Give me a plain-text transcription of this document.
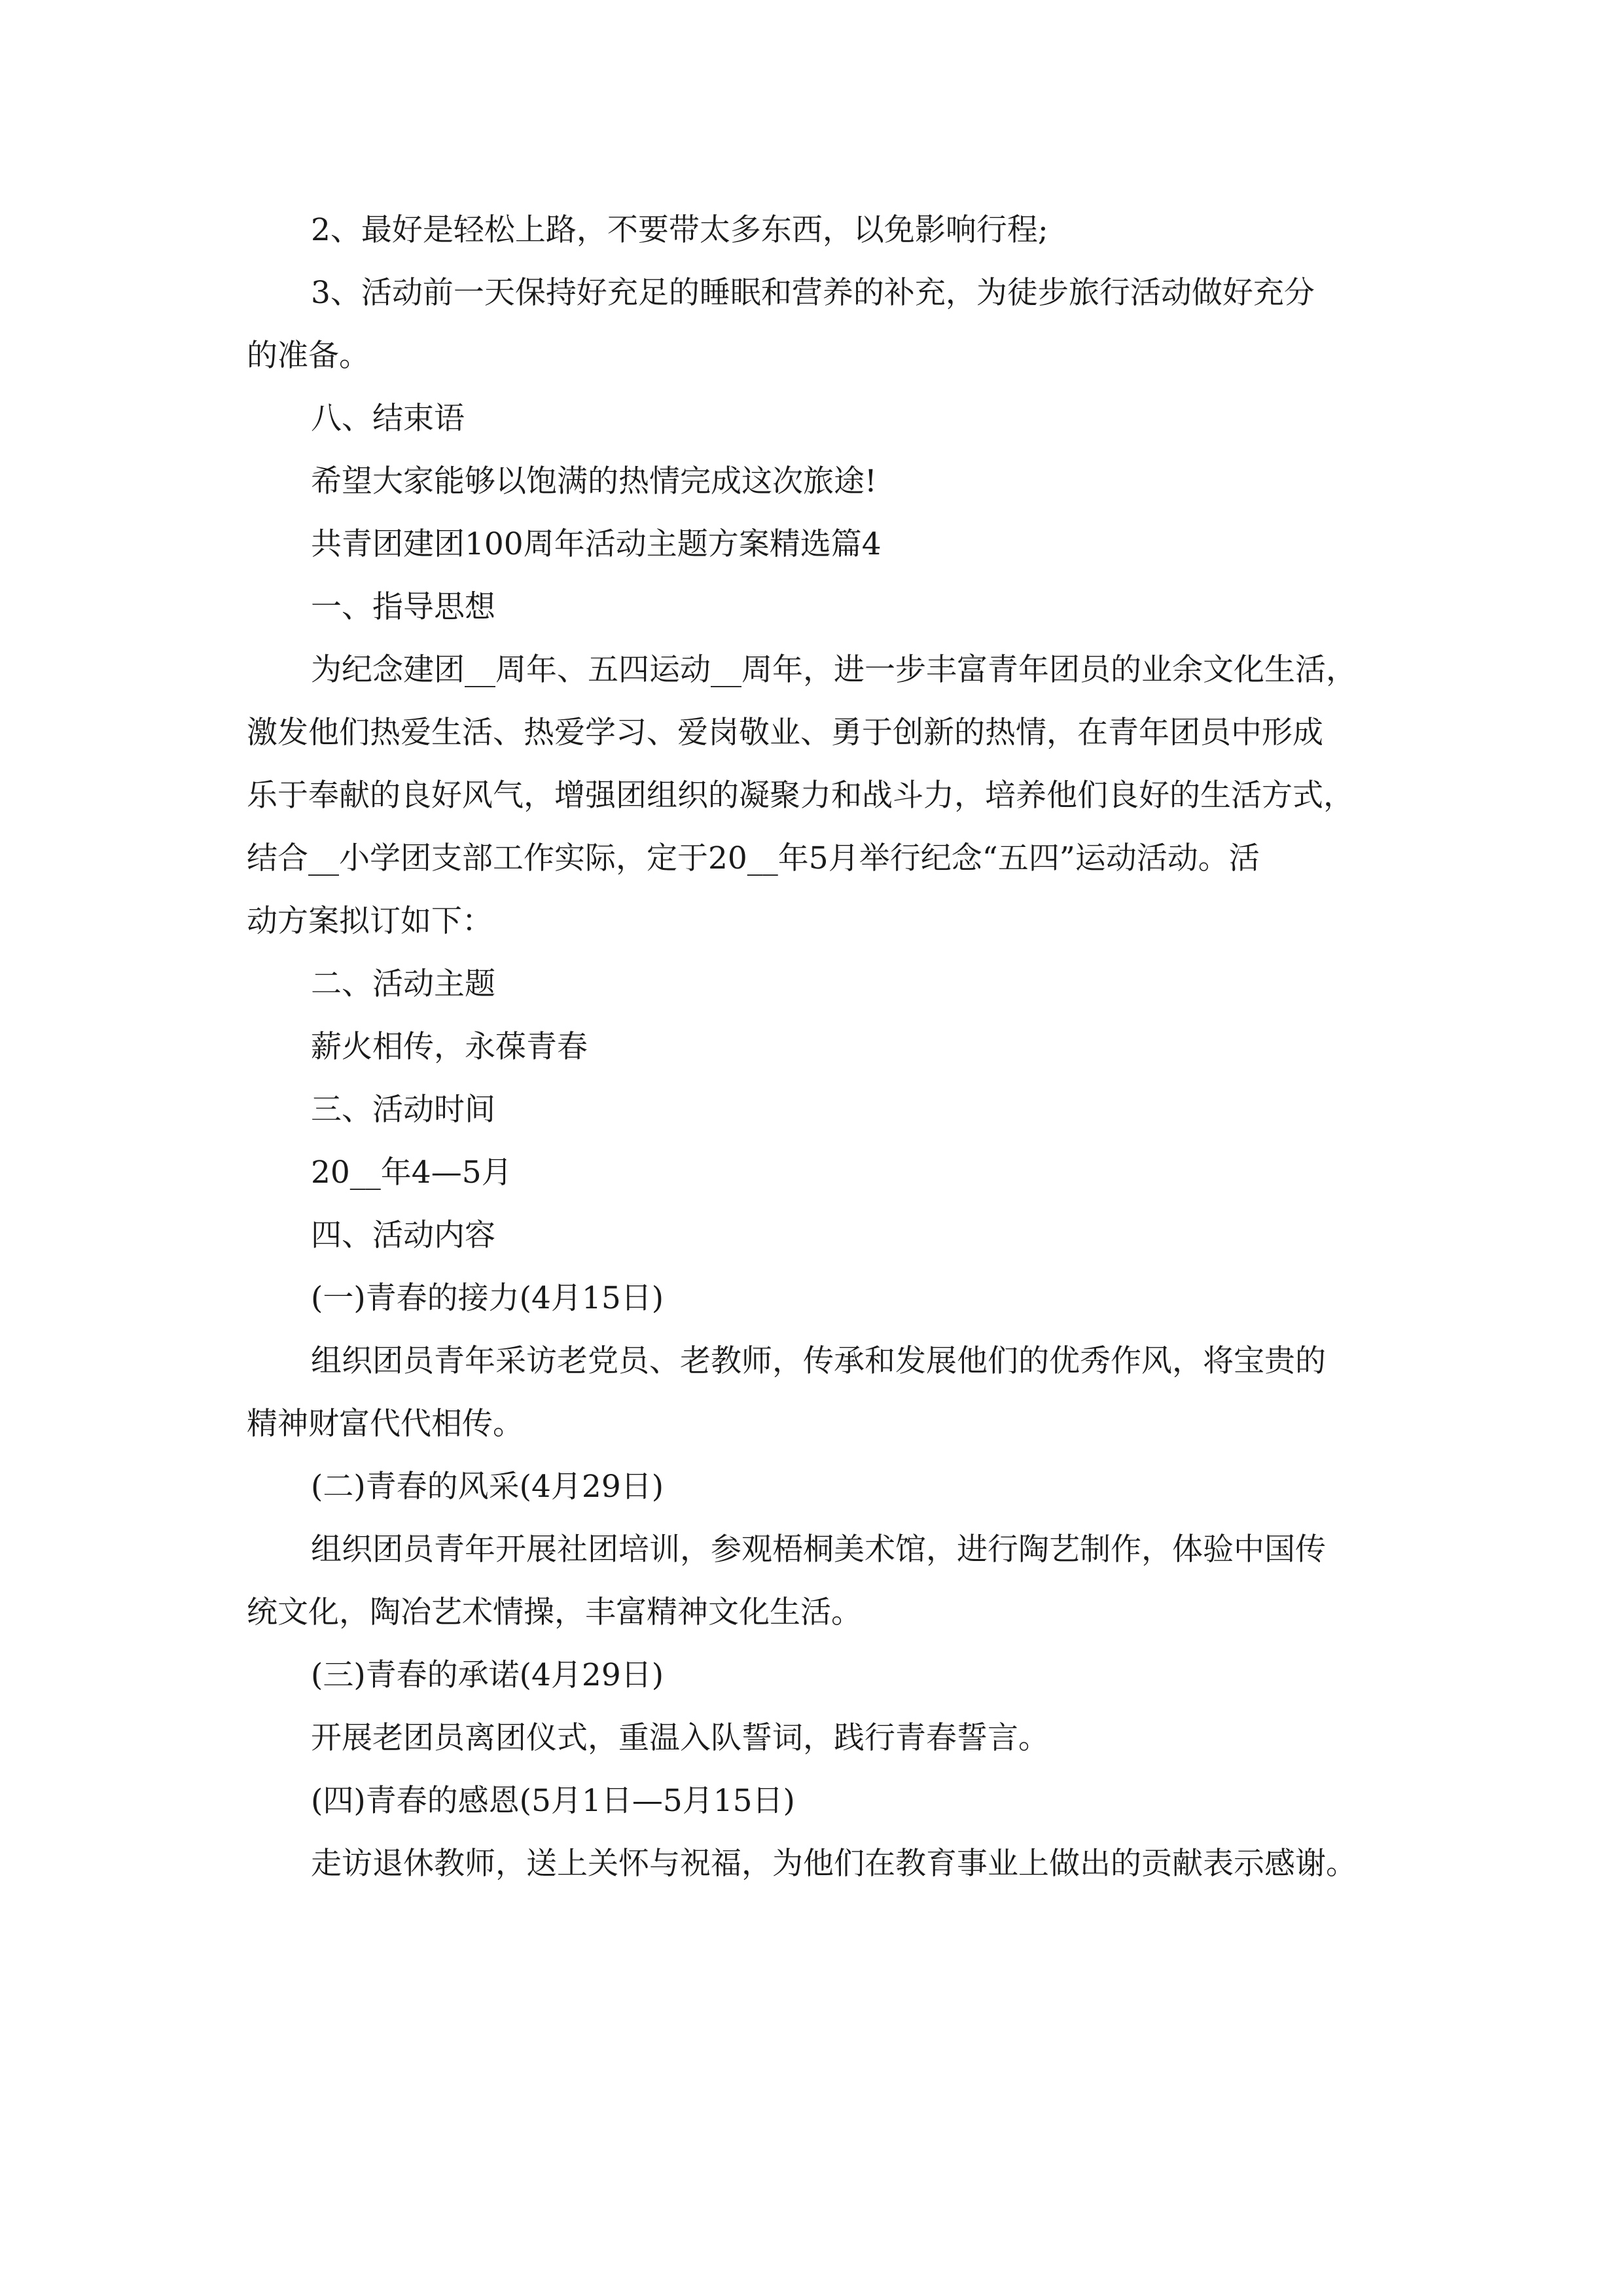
2、最好是轻松上路，不要带太多东西，以免影响行程;

3、活动前一天保持好充足的睡眠和营养的补充，为徒步旅行活动做好充分

的准备。

八、结束语

希望大家能够以饱满的热情完成这次旅途!

共青团建团100周年活动主题方案精选篇4

一、指导思想

为纪念建团__周年、五四运动__周年，进一步丰富青年团员的业余文化生活，

激发他们热爱生活、热爱学习、爱岗敬业、勇于创新的热情，在青年团员中形成

乐于奉献的良好风气，增强团组织的凝聚力和战斗力，培养他们良好的生活方式，

结合__小学团支部工作实际，定于20__年5月举行纪念“五四”运动活动。活

动方案拟订如下：

二、活动主题

薪火相传，永葆青春

三、活动时间

20__年4—5月

四、活动内容

(一)青春的接力(4月15日)

组织团员青年采访老党员、老教师，传承和发展他们的优秀作风，将宝贵的

精神财富代代相传。

(二)青春的风采(4月29日)

组织团员青年开展社团培训，参观梧桐美术馆，进行陶艺制作，体验中国传

统文化，陶冶艺术情操，丰富精神文化生活。

(三)青春的承诺(4月29日)

开展老团员离团仪式，重温入队誓词，践行青春誓言。

(四)青春的感恩(5月1日—5月15日)

走访退休教师，送上关怀与祝福，为他们在教育事业上做出的贡献表示感谢。
